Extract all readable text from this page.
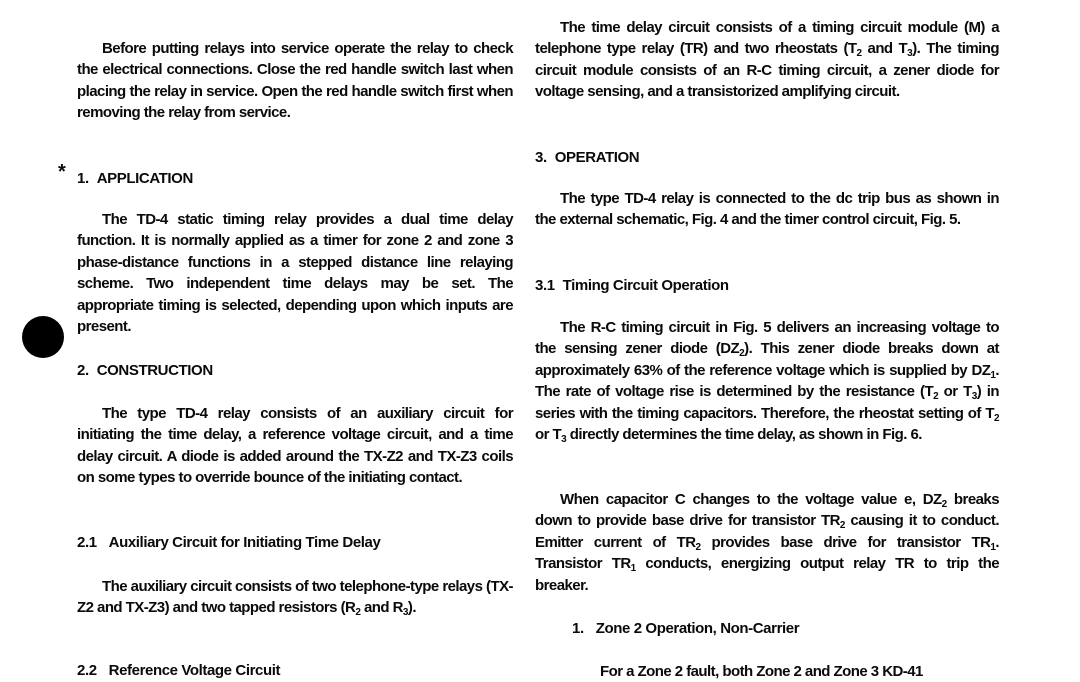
*

Before putting relays into service operate the relay to check the electrical connections. Close the red handle switch last when placing the relay in service. Open the red handle switch first when removing the relay from service.

1. APPLICATION

The TD-4 static timing relay provides a dual time delay function. It is normally applied as a timer for zone 2 and zone 3 phase-distance functions in a stepped distance line relaying scheme. Two independent time delays may be set. The appropriate timing is selected, depending upon which inputs are present.

2. CONSTRUCTION

The type TD-4 relay consists of an auxiliary circuit for initiating the time delay, a reference voltage circuit, and a time delay circuit. A diode is added around the TX-Z2 and TX-Z3 coils on some types to override bounce of the initiating contact.

2.1 Auxiliary Circuit for Initiating Time Delay

The auxiliary circuit consists of two telephone-type relays (TX-Z2 and TX-Z3) and two tapped resistors ($R_2$ and $R_3$).

2.2 Reference Voltage Circuit

The time delay circuit consists of a timing circuit module (M) a telephone type relay (TR) and two rheostats ($T_2$ and $T_3$). The timing circuit module consists of an R-C timing circuit, a zener diode for voltage sensing, and a transistorized amplifying circuit.

3. OPERATION

The type TD-4 relay is connected to the dc trip bus as shown in the external schematic, Fig. 4 and the timer control circuit, Fig. 5.

3.1 Timing Circuit Operation

The R-C timing circuit in Fig. 5 delivers an increasing voltage to the sensing zener diode $(DZ_2)$. This zener diode breaks down at approximately 63% of the reference voltage which is supplied by $DZ_1$. The rate of voltage rise is determined by the resistance ($T_2$ or $T_3$) in series with the timing capacitors. Therefore, the rheostat setting of $T_2$ or $T_3$ directly determines the time delay, as shown in Fig. 6.

When capacitor C changes to the voltage value e, $DZ_2$ breaks down to provide base drive for transistor $TR_2$ causing it to conduct. Emitter current of $TR_2$ provides base drive for transistor $TR_1$. Transistor $TR_1$ conducts, energizing output relay TR to trip the breaker.

1. Zone 2 Operation, Non-Carrier

For a Zone 2 fault, both Zone 2 and Zone 3 KD-41
